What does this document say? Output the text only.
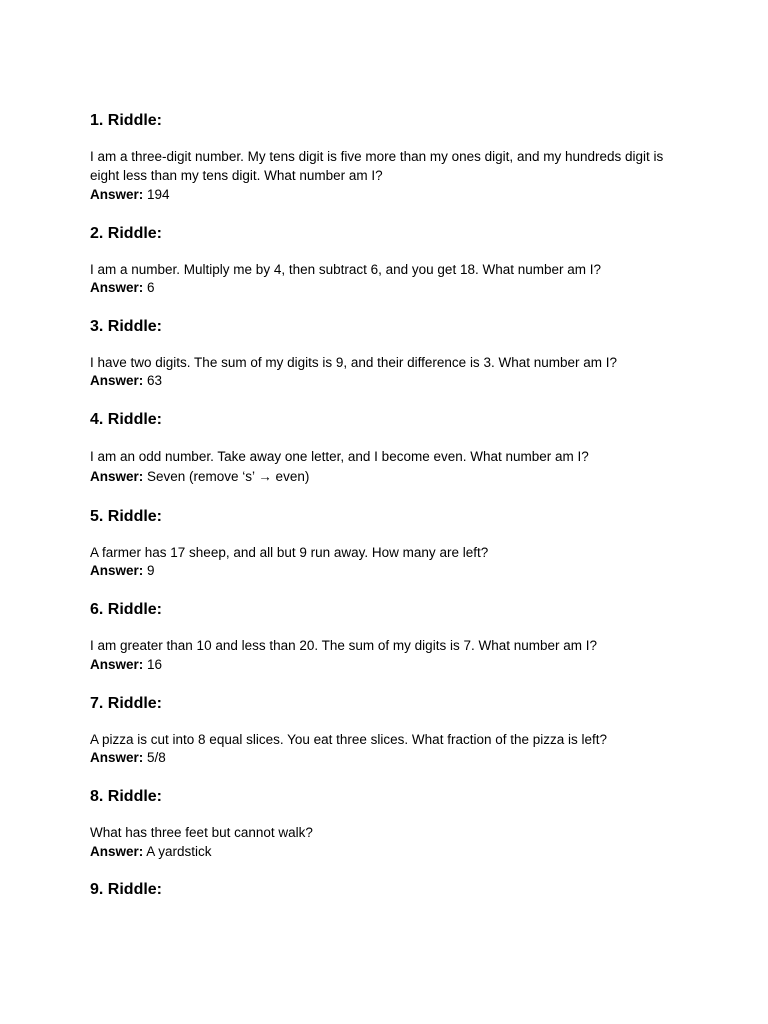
1. Riddle:

I am a three-digit number. My tens digit is five more than my ones digit, and my hundreds digit is eight less than my tens digit. What number am I?

Answer: 194

2. Riddle:

I am a number. Multiply me by 4, then subtract 6, and you get 18. What number am I?

Answer: 6

3. Riddle:

I have two digits. The sum of my digits is 9, and their difference is 3. What number am I?

Answer: 63

4. Riddle:

I am an odd number. Take away one letter, and I become even. What number am I?

Answer: Seven (remove ‘s’ → even)

5. Riddle:

A farmer has 17 sheep, and all but 9 run away. How many are left?

Answer: 9

6. Riddle:

I am greater than 10 and less than 20. The sum of my digits is 7. What number am I?

Answer: 16

7. Riddle:

A pizza is cut into 8 equal slices. You eat three slices. What fraction of the pizza is left?

Answer: 5/8

8. Riddle:

What has three feet but cannot walk?

Answer: A yardstick

9. Riddle:
